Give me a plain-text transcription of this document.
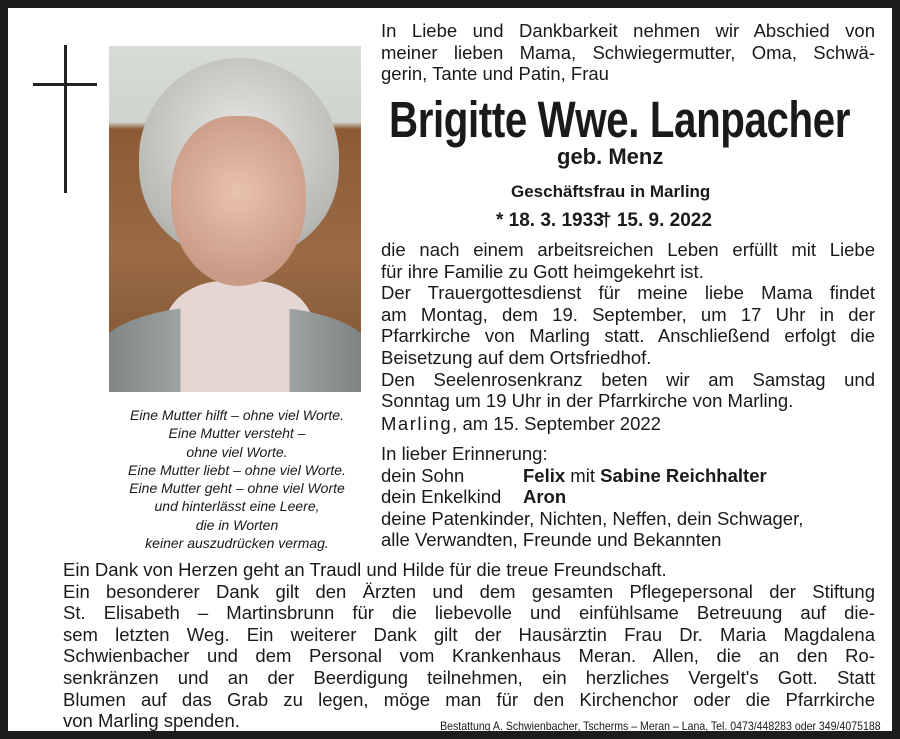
Eine Mutter hilft – ohne viel Worte.
Eine Mutter versteht –
ohne viel Worte.
Eine Mutter liebt – ohne viel Worte.
Eine Mutter geht – ohne viel Worte
und hinterlässt eine Leere,
die in Worten
keiner auszudrücken vermag.
In Liebe und Dankbarkeit nehmen wir Abschied von
meiner lieben Mama, Schwiegermutter, Oma, Schwä-
gerin, Tante und Patin, Frau
Brigitte Wwe. Lanpacher
geb. Menz
Geschäftsfrau in Marling
* 18. 3. 1933
† 15. 9. 2022
die nach einem arbeitsreichen Leben erfüllt mit Liebe
für ihre Familie zu Gott heimgekehrt ist.
Der Trauergottesdienst für meine liebe Mama findet
am Montag, dem 19. September, um 17 Uhr in der
Pfarrkirche von Marling statt. Anschließend erfolgt die
Beisetzung auf dem Ortsfriedhof.
Den Seelenrosenkranz beten wir am Samstag und
Sonntag um 19 Uhr in der Pfarrkirche von Marling.
Marling, am 15. September 2022
In lieber Erinnerung:
dein Sohn	Felix mit Sabine Reichhalter
dein Enkelkind Aron
deine Patenkinder, Nichten, Neffen, dein Schwager,
alle Verwandten, Freunde und Bekannten
Ein Dank von Herzen geht an Traudl und Hilde für die treue Freundschaft.
Ein besonderer Dank gilt den Ärzten und dem gesamten Pflegepersonal der Stiftung
St. Elisabeth – Martinsbrunn für die liebevolle und einfühlsame Betreuung auf die-
sem letzten Weg. Ein weiterer Dank gilt der Hausärztin Frau Dr. Maria Magdalena
Schwienbacher und dem Personal vom Krankenhaus Meran. Allen, die an den Ro-
senkränzen und an der Beerdigung teilnehmen, ein herzliches Vergelt's Gott. Statt
Blumen auf das Grab zu legen, möge man für den Kirchenchor oder die Pfarrkirche
von Marling spenden.	Bestattung A. Schwienbacher, Tscherms – Meran – Lana, Tel. 0473/448283 oder 349/4075188
